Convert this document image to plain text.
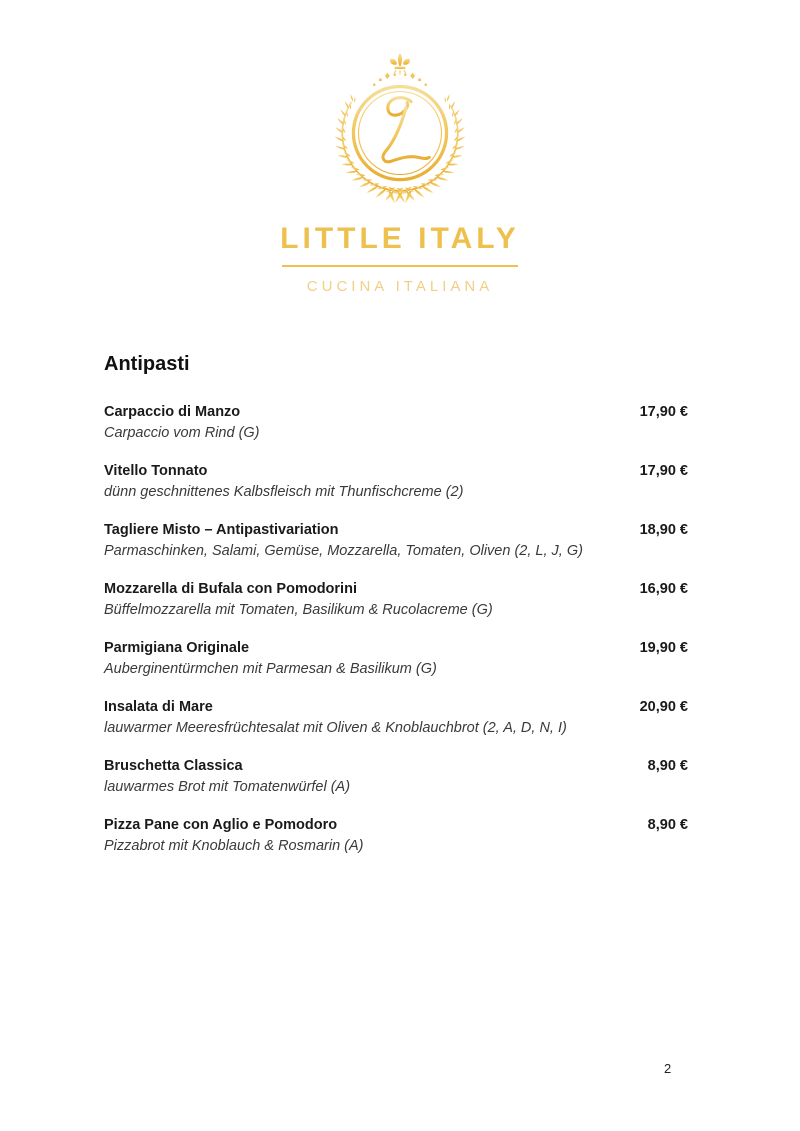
LITTLE ITALY
CUCINA ITALIANA
Antipasti
Carpaccio di Manzo	17,90 €
Carpaccio vom Rind (G)
Vitello Tonnato	17,90 €
dünn geschnittenes Kalbsfleisch mit Thunfischcreme (2)
Tagliere Misto – Antipastivariation	18,90 €
Parmaschinken, Salami, Gemüse, Mozzarella, Tomaten, Oliven (2, L, J, G)
Mozzarella di Bufala con Pomodorini	16,90 €
Büffelmozzarella mit Tomaten, Basilikum & Rucolacreme (G)
Parmigiana Originale	19,90 €
Auberginentürmchen mit Parmesan & Basilikum (G)
Insalata di Mare	20,90 €
lauwarmer Meeresfrüchtesalat mit Oliven & Knoblauchbrot (2, A, D, N, I)
Bruschetta Classica	8,90 €
lauwarmes Brot mit Tomatenwürfel (A)
Pizza Pane con Aglio e Pomodoro	8,90 €
Pizzabrot mit Knoblauch & Rosmarin (A)
2
